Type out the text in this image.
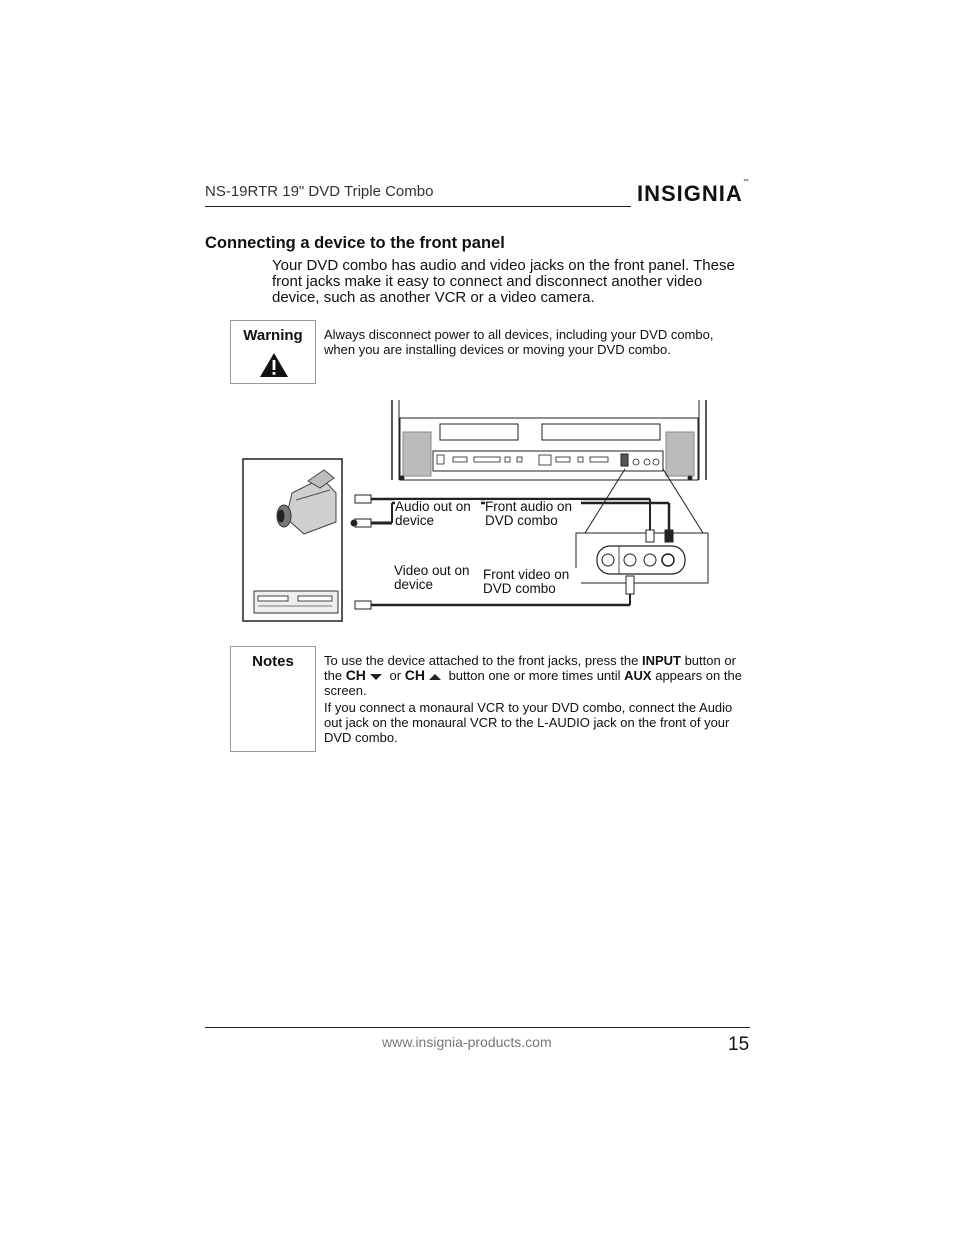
NS-19RTR 19" DVD Triple Combo	INSIGNIA™
Connecting a device to the front panel
Your DVD combo has audio and video jacks on the front panel. These front jacks make it easy to connect and disconnect another video device, such as another VCR or a video camera.
Warning	Always disconnect power to all devices, including your DVD combo, when you are installing devices or moving your DVD combo.
Audio out on device
Front audio on DVD combo
Video out on device
Front video on DVD combo
Notes	To use the device attached to the front jacks, press the INPUT button or the CH or CH button one or more times until AUX appears on the screen.
If you connect a monaural VCR to your DVD combo, connect the Audio out jack on the monaural VCR to the L-AUDIO jack on the front of your DVD combo.
www.insignia-products.com	15
